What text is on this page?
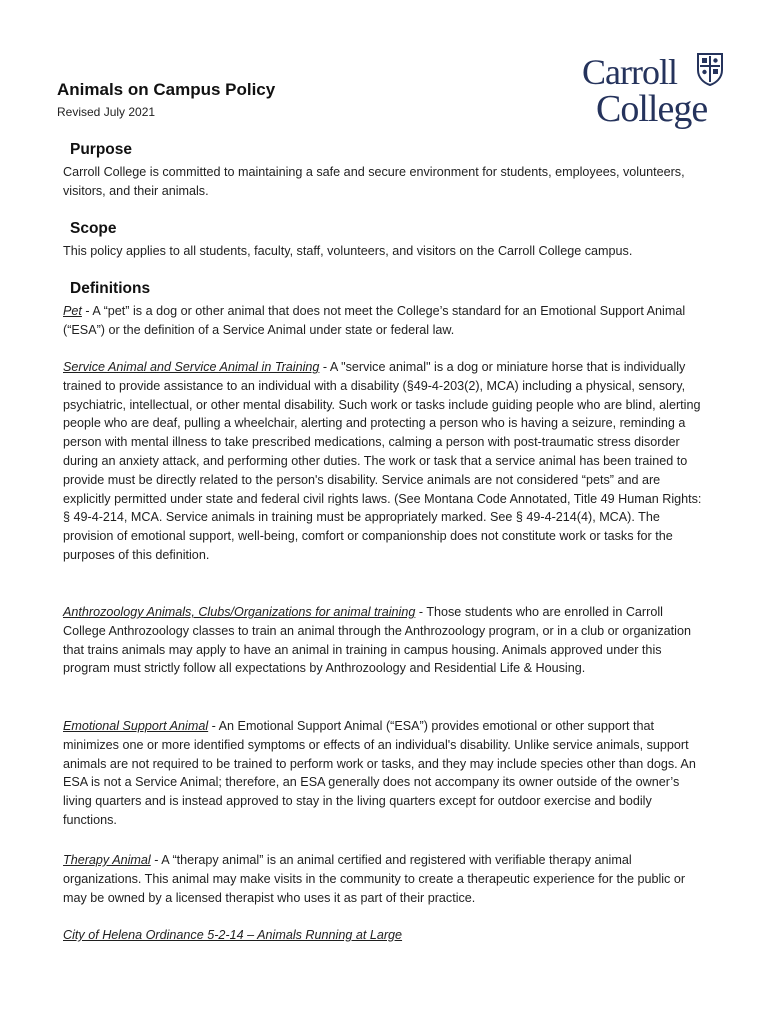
Carroll
College
Animals on Campus Policy
Revised July 2021
Purpose

Carroll College is committed to maintaining a safe and secure environment for students, employees, volunteers, visitors, and their animals.

Scope

This policy applies to all students, faculty, staff, volunteers, and visitors on the Carroll College campus.

Definitions

Pet - A “pet” is a dog or other animal that does not meet the College’s standard for an Emotional Support Animal (“ESA”) or the definition of a Service Animal under state or federal law.

Service Animal and Service Animal in Training - A "service animal" is a dog or miniature horse that is individually trained to provide assistance to an individual with a disability (§49-4-203(2), MCA) including a physical, sensory, psychiatric, intellectual, or other mental disability. Such work or tasks include guiding people who are blind, alerting people who are deaf, pulling a wheelchair, alerting and protecting a person who is having a seizure, reminding a person with mental illness to take prescribed medications, calming a person with post-traumatic stress disorder during an anxiety attack, and performing other duties. The work or task that a service animal has been trained to provide must be directly related to the person's disability. Service animals are not considered “pets” and are explicitly permitted under state and federal civil rights laws. (See Montana Code Annotated, Title 49 Human Rights: § 49-4-214, MCA. Service animals in training must be appropriately marked. See § 49-4-214(4), MCA). The provision of emotional support, well-being, comfort or companionship does not constitute work or tasks for the purposes of this definition.

Anthrozoology Animals, Clubs/Organizations for animal training - Those students who are enrolled in Carroll College Anthrozoology classes to train an animal through the Anthrozoology program, or in a club or organization that trains animals may apply to have an animal in training in campus housing. Animals approved under this program must strictly follow all expectations by Anthrozoology and Residential Life & Housing.

Emotional Support Animal - An Emotional Support Animal (“ESA”) provides emotional or other support that minimizes one or more identified symptoms or effects of an individual's disability. Unlike service animals, support animals are not required to be trained to perform work or tasks, and they may include species other than dogs. An ESA is not a Service Animal; therefore, an ESA generally does not accompany its owner outside of the owner’s living quarters and is instead approved to stay in the living quarters except for outdoor exercise and bodily functions.

Therapy Animal - A “therapy animal” is an animal certified and registered with verifiable therapy animal organizations. This animal may make visits in the community to create a therapeutic experience for the public or may be owned by a licensed therapist who uses it as part of their practice.

City of Helena Ordinance 5-2-14 – Animals Running at Large
